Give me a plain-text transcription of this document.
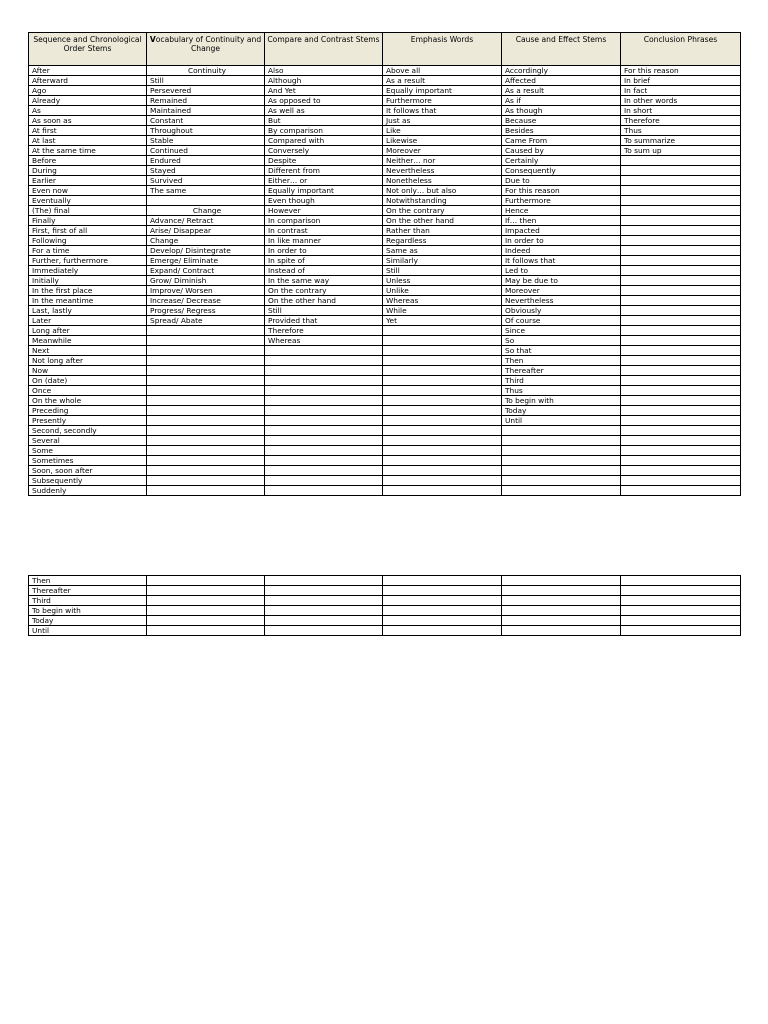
Sequence and Chronological Order Stems	Vocabulary of Continuity and Change	Compare and Contrast Stems	Emphasis Words	Cause and Effect Stems	Conclusion Phrases
After	Continuity	Also	Above all	Accordingly	For this reason
Afterward	Still	Although	As a result	Affected	In brief
Ago	Persevered	And Yet	Equally important	As a result	In fact
Already	Remained	As opposed to	Furthermore	As if	In other words
As	Maintained	As well as	It follows that	As though	In short
As soon as	Constant	But	Just as	Because	Therefore
At first	Throughout	By comparison	Like	Besides	Thus
At last	Stable	Compared with	Likewise	Came From	To summarize
At the same time	Continued	Conversely	Moreover	Caused by	To sum up
Before	Endured	Despite	Neither… nor	Certainly	
During	Stayed	Different from	Nevertheless	Consequently	
Earlier	Survived	Either… or	Nonetheless	Due to	
Even now	The same	Equally important	Not only… but also	For this reason	
Eventually		Even though	Notwithstanding	Furthermore	
(The) final	Change	However	On the contrary	Hence	
Finally	Advance/ Retract	In comparison	On the other hand	If… then	
First, first of all	Arise/ Disappear	In contrast	Rather than	Impacted	
Following	Change	In like manner	Regardless	In order to	
For a time	Develop/ Disintegrate	In order to	Same as	Indeed	
Further, furthermore	Emerge/ Eliminate	In spite of	Similarly	It follows that	
Immediately	Expand/ Contract	Instead of	Still	Led to	
Initially	Grow/ Diminish	In the same way	Unless	May be due to	
In the first place	Improve/ Worsen	On the contrary	Unlike	Moreover	
In the meantime	Increase/ Decrease	On the other hand	Whereas	Nevertheless	
Last, lastly	Progress/ Regress	Still	While	Obviously	
Later	Spread/ Abate	Provided that	Yet	Of course	
Long after		Therefore		Since	
Meanwhile		Whereas		So	
Next				So that	
Not long after				Then	
Now				Thereafter	
On (date)				Third	
Once				Thus	
On the whole				To begin with	
Preceding				Today	
Presently				Until	
Second, secondly					
Several					
Some					
Sometimes					
Soon, soon after					
Subsequently					
Suddenly					
Then					
Thereafter					
Third					
To begin with					
Today					
Until					
